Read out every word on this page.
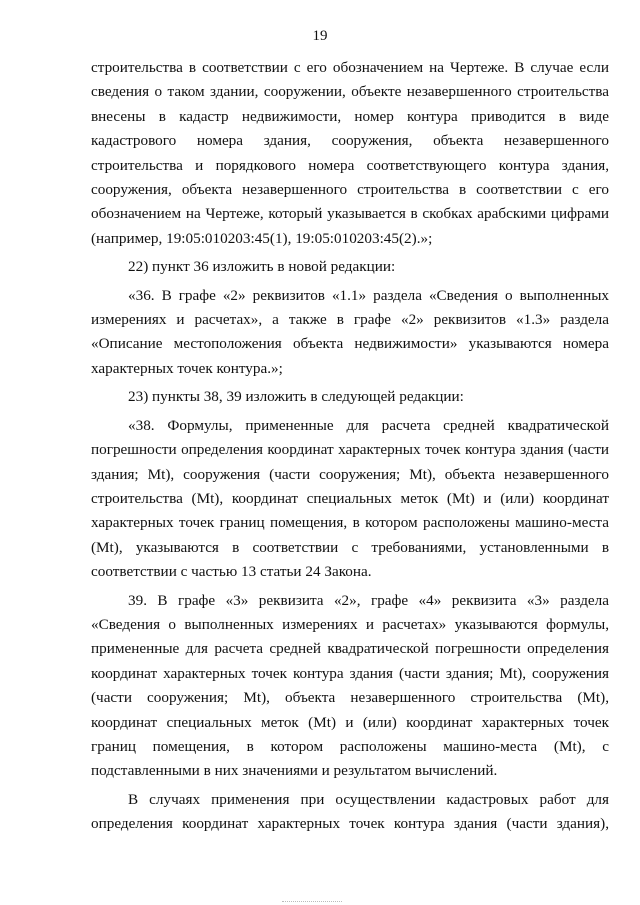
19

строительства в соответствии с его обозначением на Чертеже. В случае если сведения о таком здании, сооружении, объекте незавершенного строительства внесены в кадастр недвижимости, номер контура приводится в виде кадастрового номера здания, сооружения, объекта незавершенного строительства и порядкового номера соответствующего контура здания, сооружения, объекта незавершенного строительства в соответствии с его обозначением на Чертеже, который указывается в скобках арабскими цифрами (например, 19:05:010203:45(1), 19:05:010203:45(2).»;

22) пункт 36 изложить в новой редакции:

«36. В графе «2» реквизитов «1.1» раздела «Сведения о выполненных измерениях и расчетах», а также в графе «2» реквизитов «1.3» раздела «Описание местоположения объекта недвижимости» указываются номера характерных точек контура.»;

23) пункты 38, 39 изложить в следующей редакции:

«38. Формулы, примененные для расчета средней квадратической погрешности определения координат характерных точек контура здания (части здания; Mt), сооружения (части сооружения; Mt), объекта незавершенного строительства (Mt), координат специальных меток (Mt) и (или) координат характерных точек границ помещения, в котором расположены машино-места (Mt), указываются в соответствии с требованиями, установленными в соответствии с частью 13 статьи 24 Закона.

39. В графе «3» реквизита «2», графе «4» реквизита «3» раздела «Сведения о выполненных измерениях и расчетах» указываются формулы, примененные для расчета средней квадратической погрешности определения координат характерных точек контура здания (части здания; Mt), сооружения (части сооружения; Mt), объекта незавершенного строительства (Mt), координат специальных меток (Mt) и (или) координат характерных точек границ помещения, в котором расположены машино-места (Mt), с подставленными в них значениями и результатом вычислений.

В случаях применения при осуществлении кадастровых работ для определения координат характерных точек контура здания (части здания),
